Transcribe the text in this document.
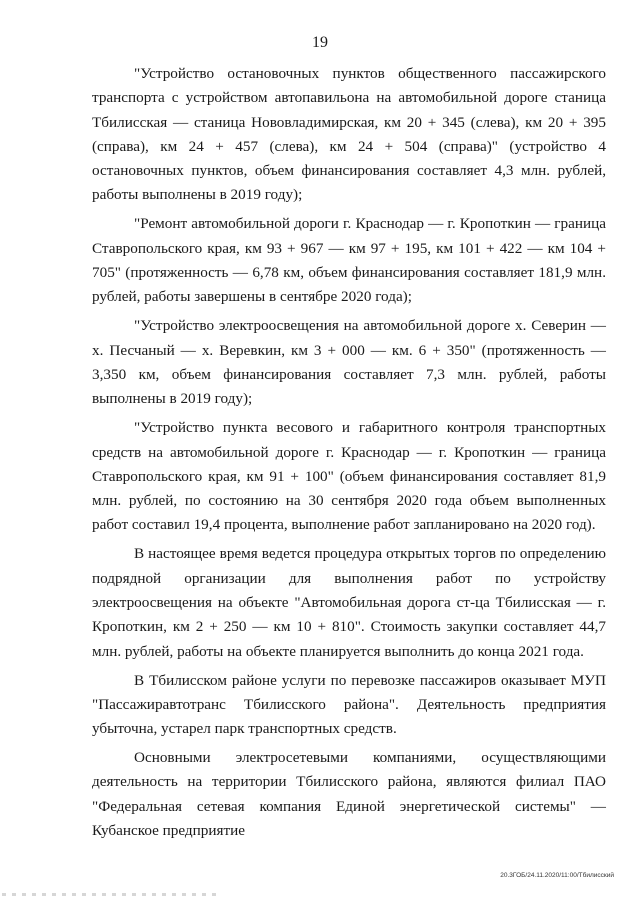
19

"Устройство остановочных пунктов общественного пассажирского транспорта с устройством автопавильона на автомобильной дороге станица Тбилисская — станица Нововладимирская, км 20 + 345 (слева), км 20 + 395 (справа), км 24 + 457 (слева), км 24 + 504 (справа)" (устройство 4 остановочных пунктов, объем финансирования составляет 4,3 млн. рублей, работы выполнены в 2019 году);

"Ремонт автомобильной дороги г. Краснодар — г. Кропоткин — граница Ставропольского края, км 93 + 967 — км 97 + 195, км 101 + 422 — км 104 + 705" (протяженность — 6,78 км, объем финансирования составляет 181,9 млн. рублей, работы завершены в сентябре 2020 года);

"Устройство электроосвещения на автомобильной дороге х. Северин — х. Песчаный — х. Веревкин, км 3 + 000 — км. 6 + 350" (протяженность — 3,350 км, объем финансирования составляет 7,3 млн. рублей, работы выполнены в 2019 году);

"Устройство пункта весового и габаритного контроля транспортных средств на автомобильной дороге г. Краснодар — г. Кропоткин — граница Ставропольского края, км 91 + 100" (объем финансирования составляет 81,9 млн. рублей, по состоянию на 30 сентября 2020 года объем выполненных работ составил 19,4 процента, выполнение работ запланировано на 2020 год).

В настоящее время ведется процедура открытых торгов по определению подрядной организации для выполнения работ по устройству электроосвещения на объекте "Автомобильная дорога ст-ца Тбилисская — г. Кропоткин, км 2 + 250 — км 10 + 810". Стоимость закупки составляет 44,7 млн. рублей, работы на объекте планируется выполнить до конца 2021 года.

В Тбилисском районе услуги по перевозке пассажиров оказывает МУП "Пассажиравтотранс Тбилисского района". Деятельность предприятия убыточна, устарел парк транспортных средств.

Основными электросетевыми компаниями, осуществляющими деятельность на территории Тбилисского района, являются филиал ПАО "Федеральная сетевая компания Единой энергетической системы" — Кубанское предприятие

20.3ГОБ/24.11.2020/11:00/Тбилисский
